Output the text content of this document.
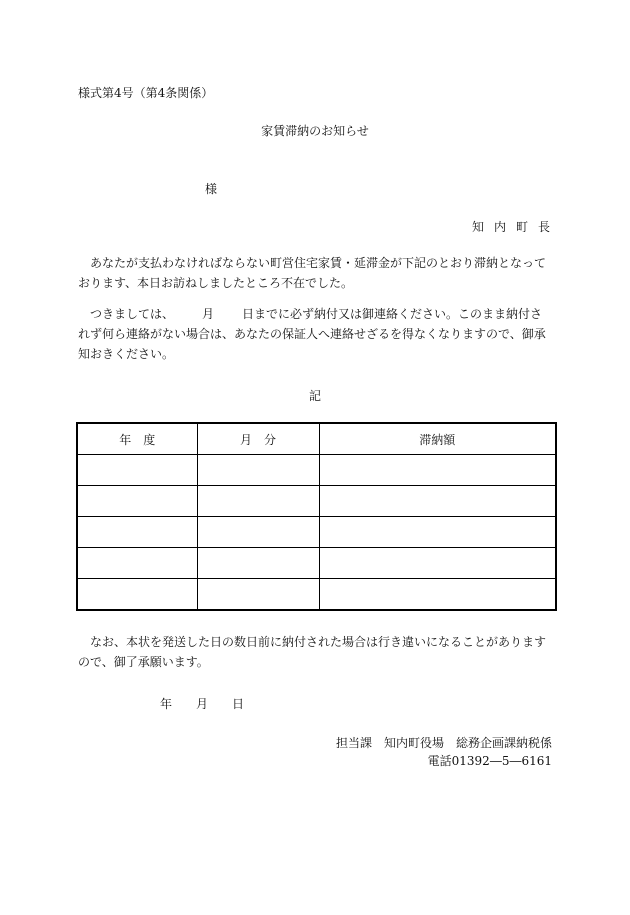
様式第4号（第4条関係）
家賃滞納のお知らせ
様
知内町長
あなたが支払わなければならない町営住宅家賃・延滞金が下記のとおり滞納となっております、本日お訪ねしましたところ不在でした。
つきましては、 月 日までに必ず納付又は御連絡ください。このまま納付されず何ら連絡がない場合は、あなたの保証人へ連絡せざるを得なくなりますので、御承知おきください。
記
年　度	月　分	滞納額

なお、本状を発送した日の数日前に納付された場合は行き違いになることがありますので、御了承願います。
年 月 日
担当課　知内町役場　総務企画課納税係
電話01392―5―6161
